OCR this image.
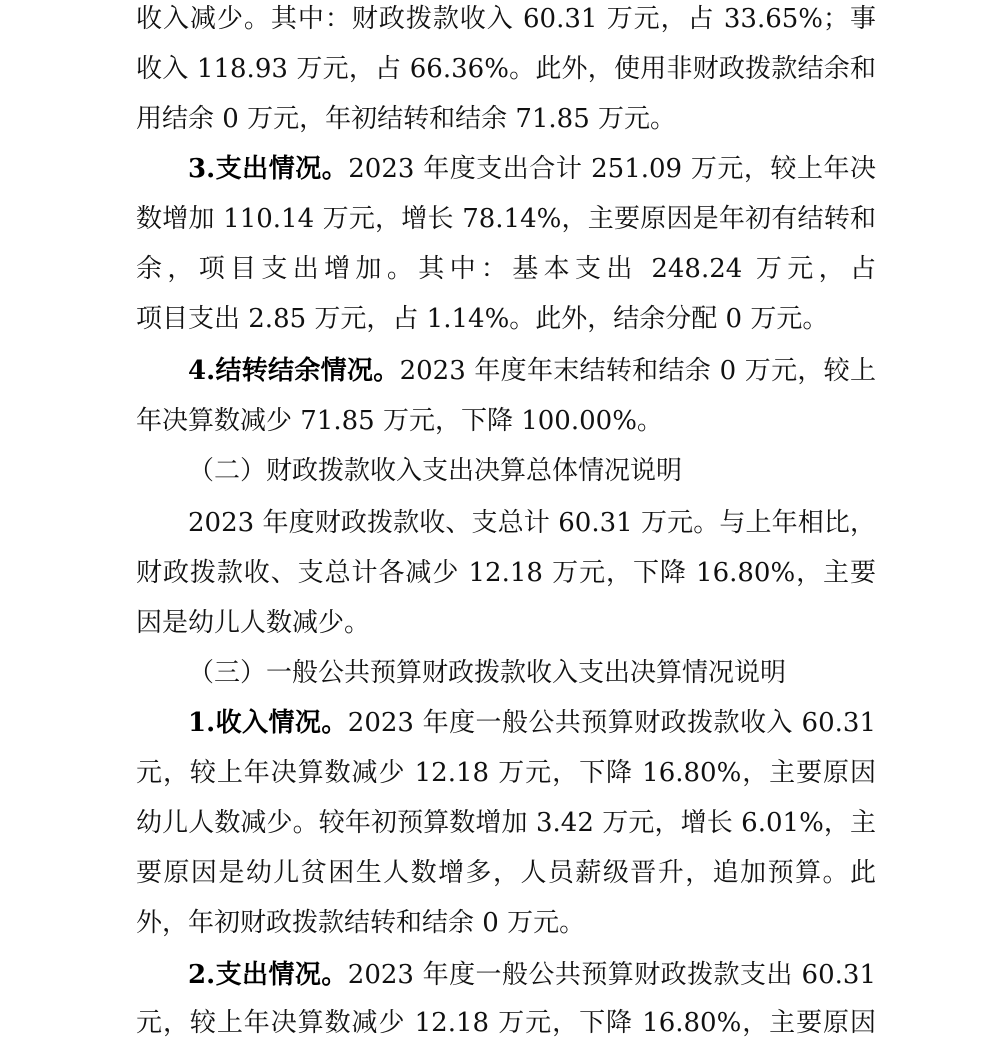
收入减少。其中：财政拨款收入 60.31 万元，占 33.65%；事
收入 118.93 万元，占 66.36%。此外，使用非财政拨款结余和
用结余 0 万元，年初结转和结余 71.85 万元。
3.支出情况。2023 年度支出合计 251.09 万元，较上年决
数增加 110.14 万元，增长 78.14%，主要原因是年初有结转和
余，项目支出增加。其中：基本支出 248.24 万元，占
项目支出 2.85 万元，占 1.14%。此外，结余分配 0 万元。
4.结转结余情况。2023 年度年末结转和结余 0 万元，较上
年决算数减少 71.85 万元，下降 100.00%。
（二）财政拨款收入支出决算总体情况说明
2023 年度财政拨款收、支总计 60.31 万元。与上年相比，
财政拨款收、支总计各减少 12.18 万元，下降 16.80%，主要
因是幼儿人数减少。
（三）一般公共预算财政拨款收入支出决算情况说明
1.收入情况。2023 年度一般公共预算财政拨款收入 60.31
元，较上年决算数减少 12.18 万元，下降 16.80%，主要原因
幼儿人数减少。较年初预算数增加 3.42 万元，增长 6.01%，主
要原因是幼儿贫困生人数增多，人员薪级晋升，追加预算。此
外，年初财政拨款结转和结余 0 万元。
2.支出情况。2023 年度一般公共预算财政拨款支出 60.31
元，较上年决算数减少 12.18 万元，下降 16.80%，主要原因
